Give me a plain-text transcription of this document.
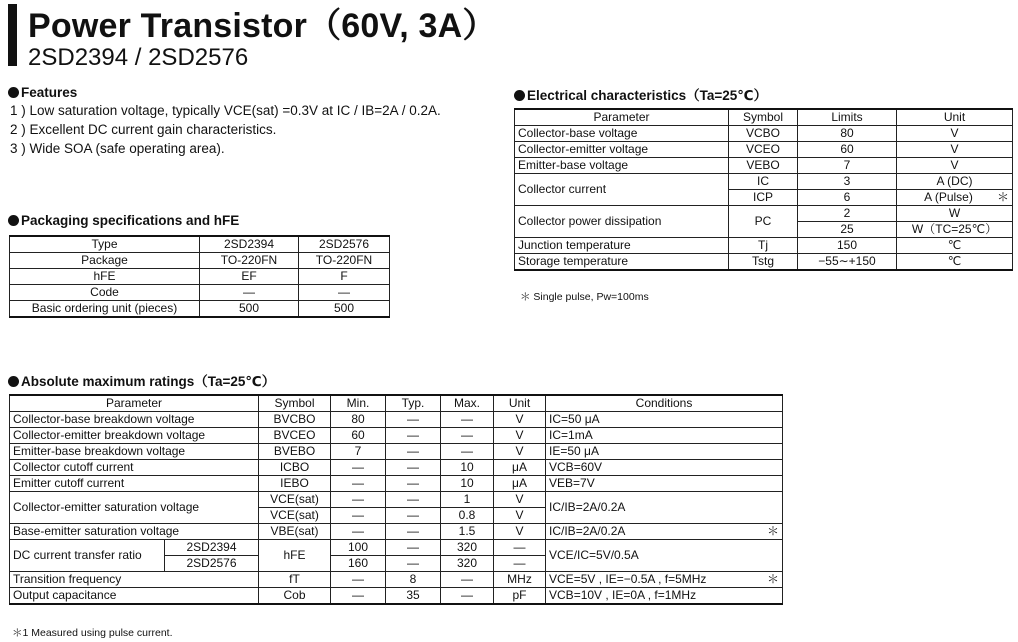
Power Transistor（60V, 3A）
2SD2394 / 2SD2576
Features
1 ) Low saturation voltage, typically VCE(sat) =0.3V at IC / IB=2A / 0.2A.
2 ) Excellent DC current gain characteristics.
3 ) Wide SOA (safe operating area).
Packaging specifications and hFE
Type	2SD2394	2SD2576
Package	TO-220FN	TO-220FN
hFE	EF	F
Code	—	—
Basic ordering unit (pieces)	500	500
Electrical characteristics（Ta=25℃）
Parameter	Symbol	Limits	Unit
Collector-base voltage	VCBO	80	V
Collector-emitter voltage	VCEO	60	V
Emitter-base voltage	VEBO	7	V
Collector current	IC	3	A (DC)
	ICP	6	A (Pulse) ＊

Collector power dissipation	PC	2	W
		25	W（TC=25℃）
Junction temperature	Tj	150	℃
Storage temperature	Tstg	−55∼+150	℃
＊ Single pulse, Pw=100ms
Absolute maximum ratings（Ta=25℃）
Parameter		Symbol	Min.	Typ.	Max.	Unit	Conditions
Collector-base breakdown voltage		BVCBO	80	—	—	V	IC=50 μA
Collector-emitter breakdown voltage		BVCEO	60	—	—	V	IC=1mA
Emitter-base breakdown voltage		BVEBO	7	—	—	V	IE=50 μA
Collector cutoff current		ICBO	—	—	10	μA	VCB=60V
Emitter cutoff current		IEBO	—	—	10	μA	VEB=7V
Collector-emitter saturation voltage		VCE(sat)	—	—	1	V	IC/IB=2A/0.2A
		VCE(sat)	—	—	0.8	V	
Base-emitter saturation voltage		VBE(sat)	—	—	1.5	V	IC/IB=2A/0.2A ＊

DC current transfer ratio	2SD2394	hFE	100	—	320	—	VCE/IC=5V/0.5A
	2SD2576		160	—	320	—	
Transition frequency		fT	—	8	—	MHz	VCE=5V , IE=−0.5A , f=5MHz ＊

Output capacitance		Cob	—	35	—	pF	VCB=10V , IE=0A , f=1MHz
＊1 Measured using pulse current.
